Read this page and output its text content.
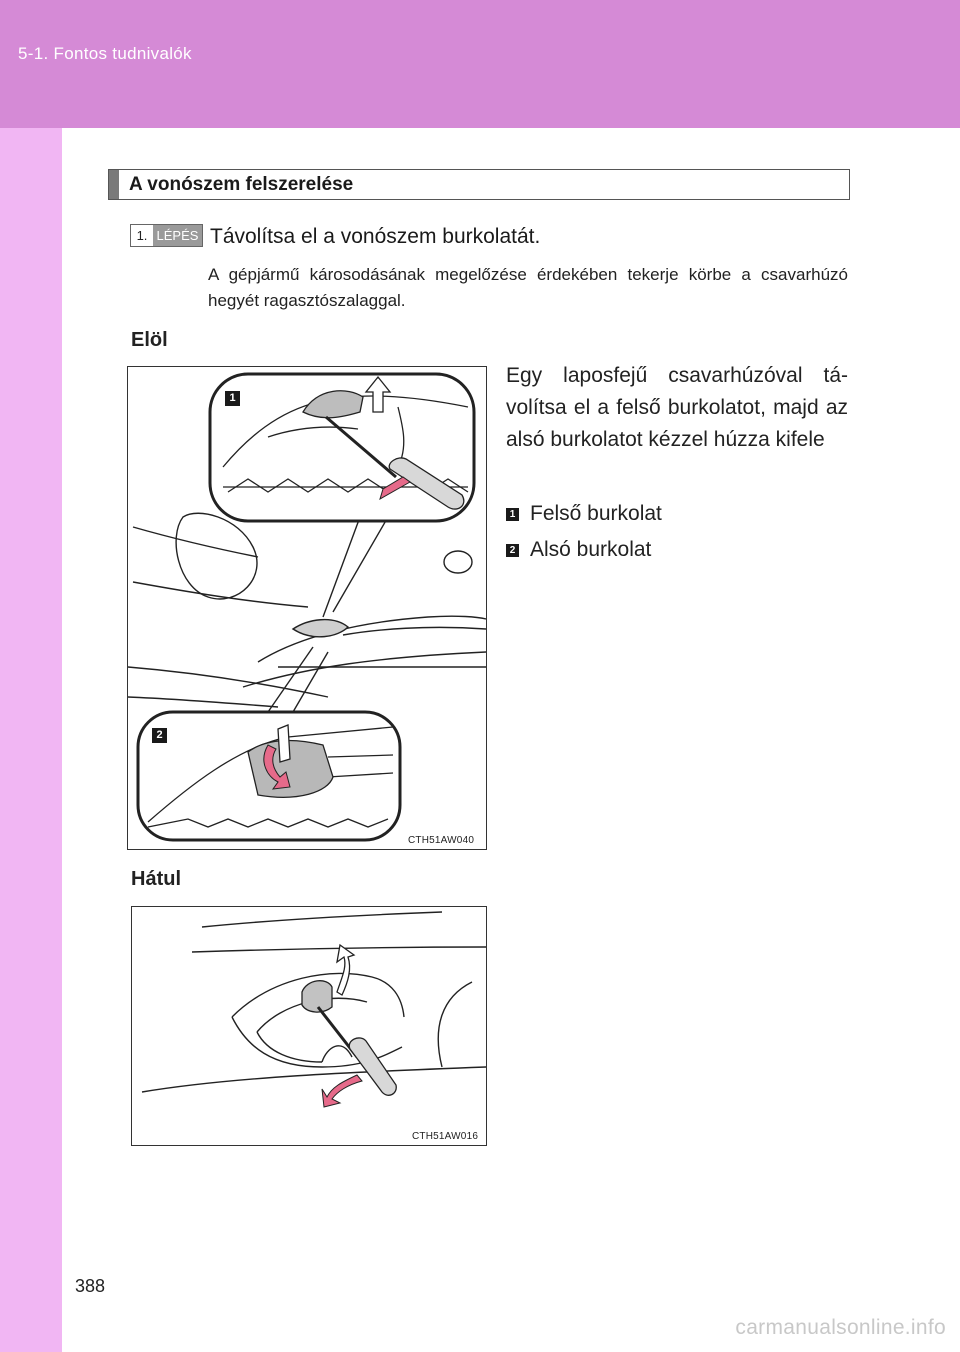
5-1. Fontos tudnivalók
A vonószem felszerelése
1. LÉPÉS Távolítsa el a vonószem burkolatát.
A gépjármű károsodásának megelőzése érdekében tekerje körbe a csavarhúzó hegyét ragasztószalaggal.
Elöl
1
2
CTH51AW040
Egy laposfejű csavarhúzóval tá-volítsa el a felső burkolatot, majd az alsó burkolatot kézzel húzza kifele
1 Felső burkolat
2 Alsó burkolat
Hátul
CTH51AW016
388
carmanualsonline.info
